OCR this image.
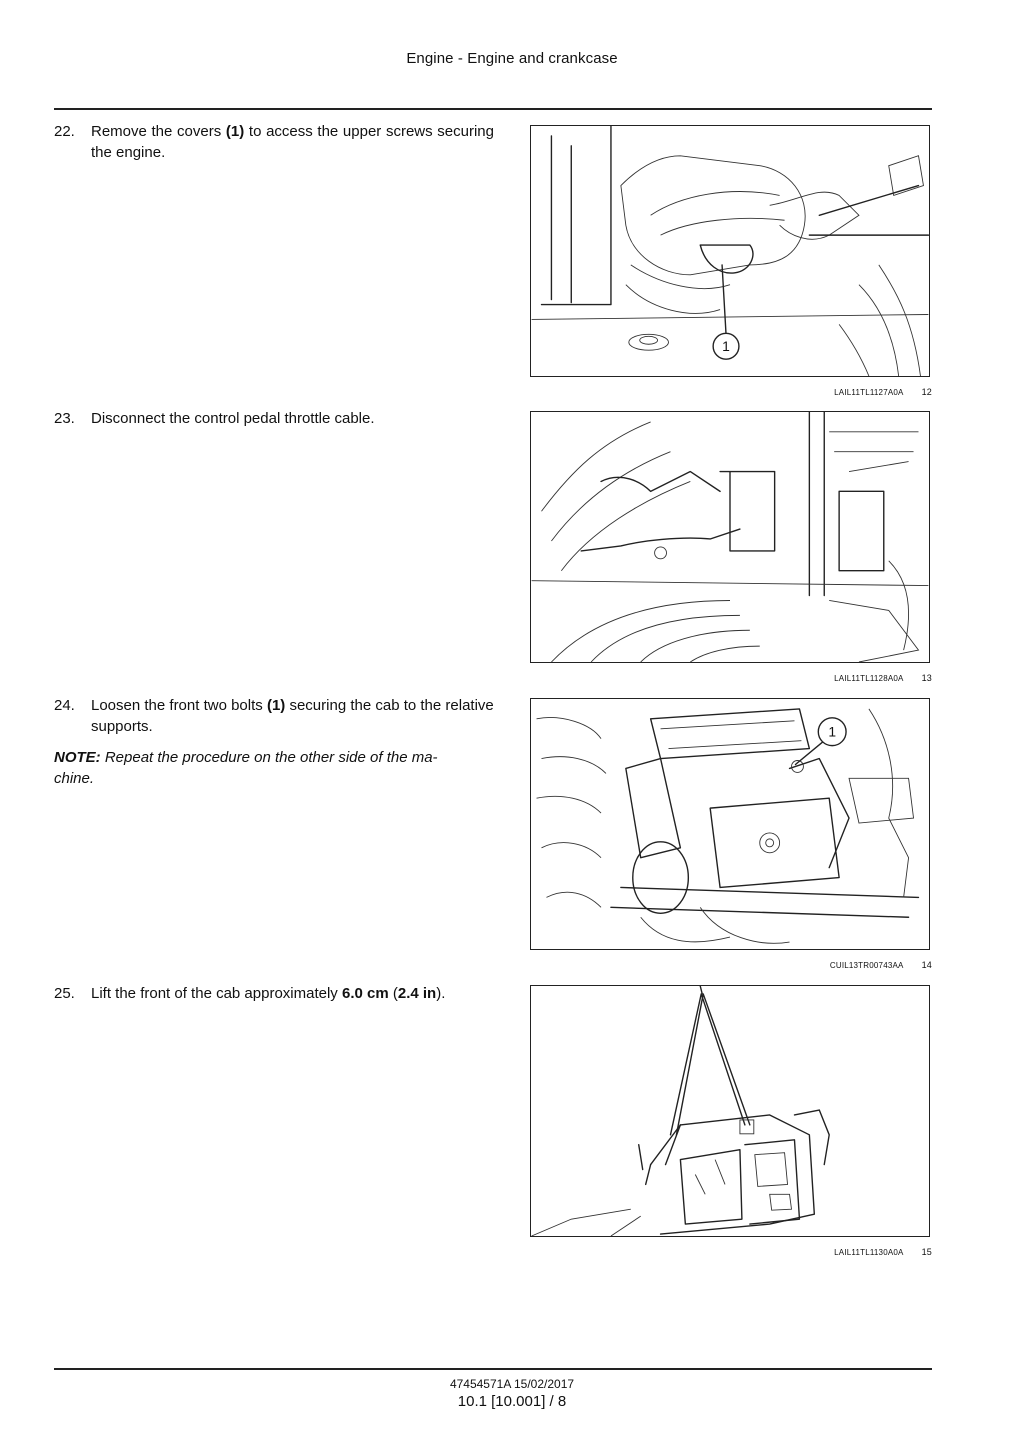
Engine - Engine and crankcase
22.	Remove the covers (1) to access the upper screws securing the engine.
1
LAIL11TL1127A0A 12
23.	Disconnect the control pedal throttle cable.
LAIL11TL1128A0A 13
24.	Loosen the front two bolts (1) securing the cab to the relative supports.
NOTE: Repeat the procedure on the other side of the ma-
chine.
1
CUIL13TR00743AA 14
25.	Lift the front of the cab approximately 6.0 cm (2.4 in).
LAIL11TL1130A0A 15
47454571A 15/02/2017
10.1 [10.001] / 8
